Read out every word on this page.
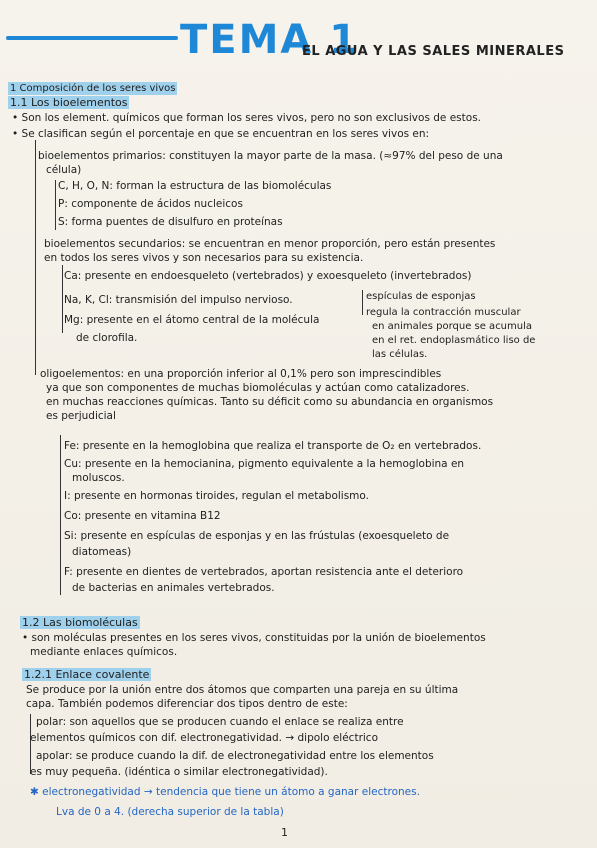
TEMA 1
EL AGUA Y LAS SALES MINERALES
1 Composición de los seres vivos
1.1 Los bioelementos
• Son los element. químicos que forman los seres vivos, pero no son exclusivos de estos.
• Se clasifican según el porcentaje en que se encuentran en los seres vivos en:
bioelementos primarios: constituyen la mayor parte de la masa. (≈97% del peso de una
célula)
C, H, O, N: forman la estructura de las biomoléculas
P: componente de ácidos nucleicos
S: forma puentes de disulfuro en proteínas
bioelementos secundarios: se encuentran en menor proporción, pero están presentes
en todos los seres vivos y son necesarios para su existencia.
Ca: presente en endoesqueleto (vertebrados) y exoesqueleto (invertebrados)
Na, K, Cl: transmisión del impulso nervioso.
Mg: presente en el átomo central de la molécula
de clorofila.
espículas de esponjas
regula la contracción muscular
en animales porque se acumula
en el ret. endoplasmático liso de
las células.
oligoelementos: en una proporción inferior al 0,1% pero son imprescindibles
ya que son componentes de muchas biomoléculas y actúan como catalizadores.
en muchas reacciones químicas. Tanto su déficit como su abundancia en organismos
es perjudicial
Fe: presente en la hemoglobina que realiza el transporte de O₂ en vertebrados.
Cu: presente en la hemocianina, pigmento equivalente a la hemoglobina en
moluscos.
I: presente en hormonas tiroides, regulan el metabolismo.
Co: presente en vitamina B12
Si: presente en espículas de esponjas y en las frústulas (exoesqueleto de
diatomeas)
F: presente en dientes de vertebrados, aportan resistencia ante el deterioro
de bacterias en animales vertebrados.
1.2 Las biomoléculas
• son moléculas presentes en los seres vivos, constituidas por la unión de bioelementos
mediante enlaces químicos.
1.2.1 Enlace covalente
Se produce por la unión entre dos átomos que comparten una pareja en su última
capa. También podemos diferenciar dos tipos dentro de este:
polar: son aquellos que se producen cuando el enlace se realiza entre
elementos químicos con dif. electronegatividad. → dipolo eléctrico
apolar: se produce cuando la dif. de electronegatividad entre los elementos
es muy pequeña. (idéntica o similar electronegatividad).
✱ electronegatividad → tendencia que tiene un átomo a ganar electrones.
Lva de 0 a 4. (derecha superior de la tabla)
1
